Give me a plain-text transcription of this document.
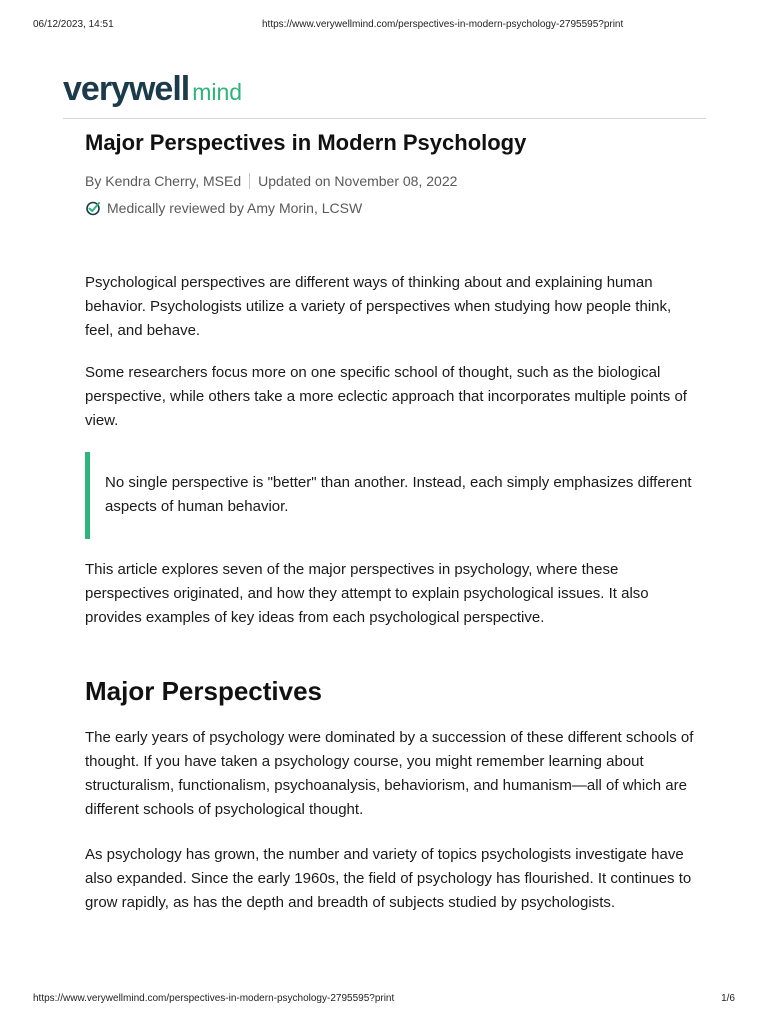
06/12/2023, 14:51	https://www.verywellmind.com/perspectives-in-modern-psychology-2795595?print
verywell mind
Major Perspectives in Modern Psychology
By Kendra Cherry, MSEd Updated on November 08, 2022
Medically reviewed by Amy Morin, LCSW

Psychological perspectives are different ways of thinking about and explaining human behavior. Psychologists utilize a variety of perspectives when studying how people think, feel, and behave.

Some researchers focus more on one specific school of thought, such as the biological perspective, while others take a more eclectic approach that incorporates multiple points of view.

No single perspective is "better" than another. Instead, each simply emphasizes different aspects of human behavior.

This article explores seven of the major perspectives in psychology, where these perspectives originated, and how they attempt to explain psychological issues. It also provides examples of key ideas from each psychological perspective.

Major Perspectives

The early years of psychology were dominated by a succession of these different schools of thought. If you have taken a psychology course, you might remember learning about structuralism, functionalism, psychoanalysis, behaviorism, and humanism—all of which are different schools of psychological thought.

As psychology has grown, the number and variety of topics psychologists investigate have also expanded. Since the early 1960s, the field of psychology has flourished. It continues to grow rapidly, as has the depth and breadth of subjects studied by psychologists.

https://www.verywellmind.com/perspectives-in-modern-psychology-2795595?print	1/6
